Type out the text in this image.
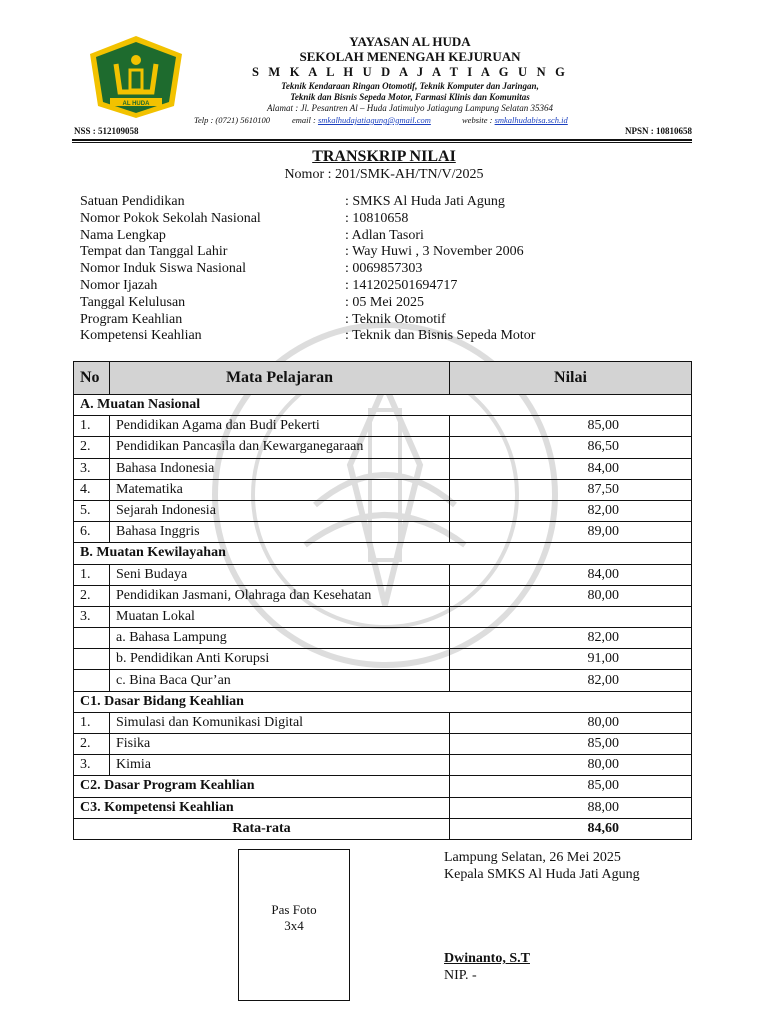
AL HUDA
YAYASAN AL HUDA
SEKOLAH MENENGAH KEJURUAN
S M K A L H U D A J A T I A G U N G
Teknik Kendaraan Ringan Otomotif, Teknik Komputer dan Jaringan,
Teknik dan Bisnis Sepeda Motor, Farmasi Klinis dan Komunitas
Alamat : Jl. Pesantren Al – Huda Jatimulyo Jatiagung Lampung Selatan 35364
Telp : (0721) 5610100	email : smkalhudajatiagung@gmail.com	website : smkalhudabisa.sch.id
NSS : 512109058	NPSN : 10810658
TRANSKRIP NILAI
Nomor : 201/SMK-AH/TN/V/2025
Satuan Pendidikan	: SMKS Al Huda Jati Agung
Nomor Pokok Sekolah Nasional	: 10810658
Nama Lengkap	: Adlan Tasori
Tempat dan Tanggal Lahir	: Way Huwi , 3 November 2006
Nomor Induk Siswa Nasional	: 0069857303
Nomor Ijazah	: 141202501694717
Tanggal Kelulusan	: 05 Mei 2025
Program Keahlian	: Teknik Otomotif
Kompetensi Keahlian	: Teknik dan Bisnis Sepeda Motor
No	Mata Pelajaran	Nilai
A. Muatan Nasional		
1.	Pendidikan Agama dan Budi Pekerti	85,00
2.	Pendidikan Pancasila dan Kewarganegaraan	86,50
3.	Bahasa Indonesia	84,00
4.	Matematika	87,50
5.	Sejarah Indonesia	82,00
6.	Bahasa Inggris	89,00
B. Muatan Kewilayahan		
1.	Seni Budaya	84,00
2.	Pendidikan Jasmani, Olahraga dan Kesehatan	80,00
3.	Muatan Lokal	
	a. Bahasa Lampung	82,00
	b. Pendidikan Anti Korupsi	91,00
	c. Bina Baca Qur’an	82,00
C1. Dasar Bidang Keahlian		
1.	Simulasi dan Komunikasi Digital	80,00
2.	Fisika	85,00
3.	Kimia	80,00
C2. Dasar Program Keahlian		85,00
C3. Kompetensi Keahlian		88,00
Rata-rata		84,60
Pas Foto
3x4
Lampung Selatan, 26 Mei 2025
Kepala SMKS Al Huda Jati Agung
Dwinanto, S.T
NIP. -
